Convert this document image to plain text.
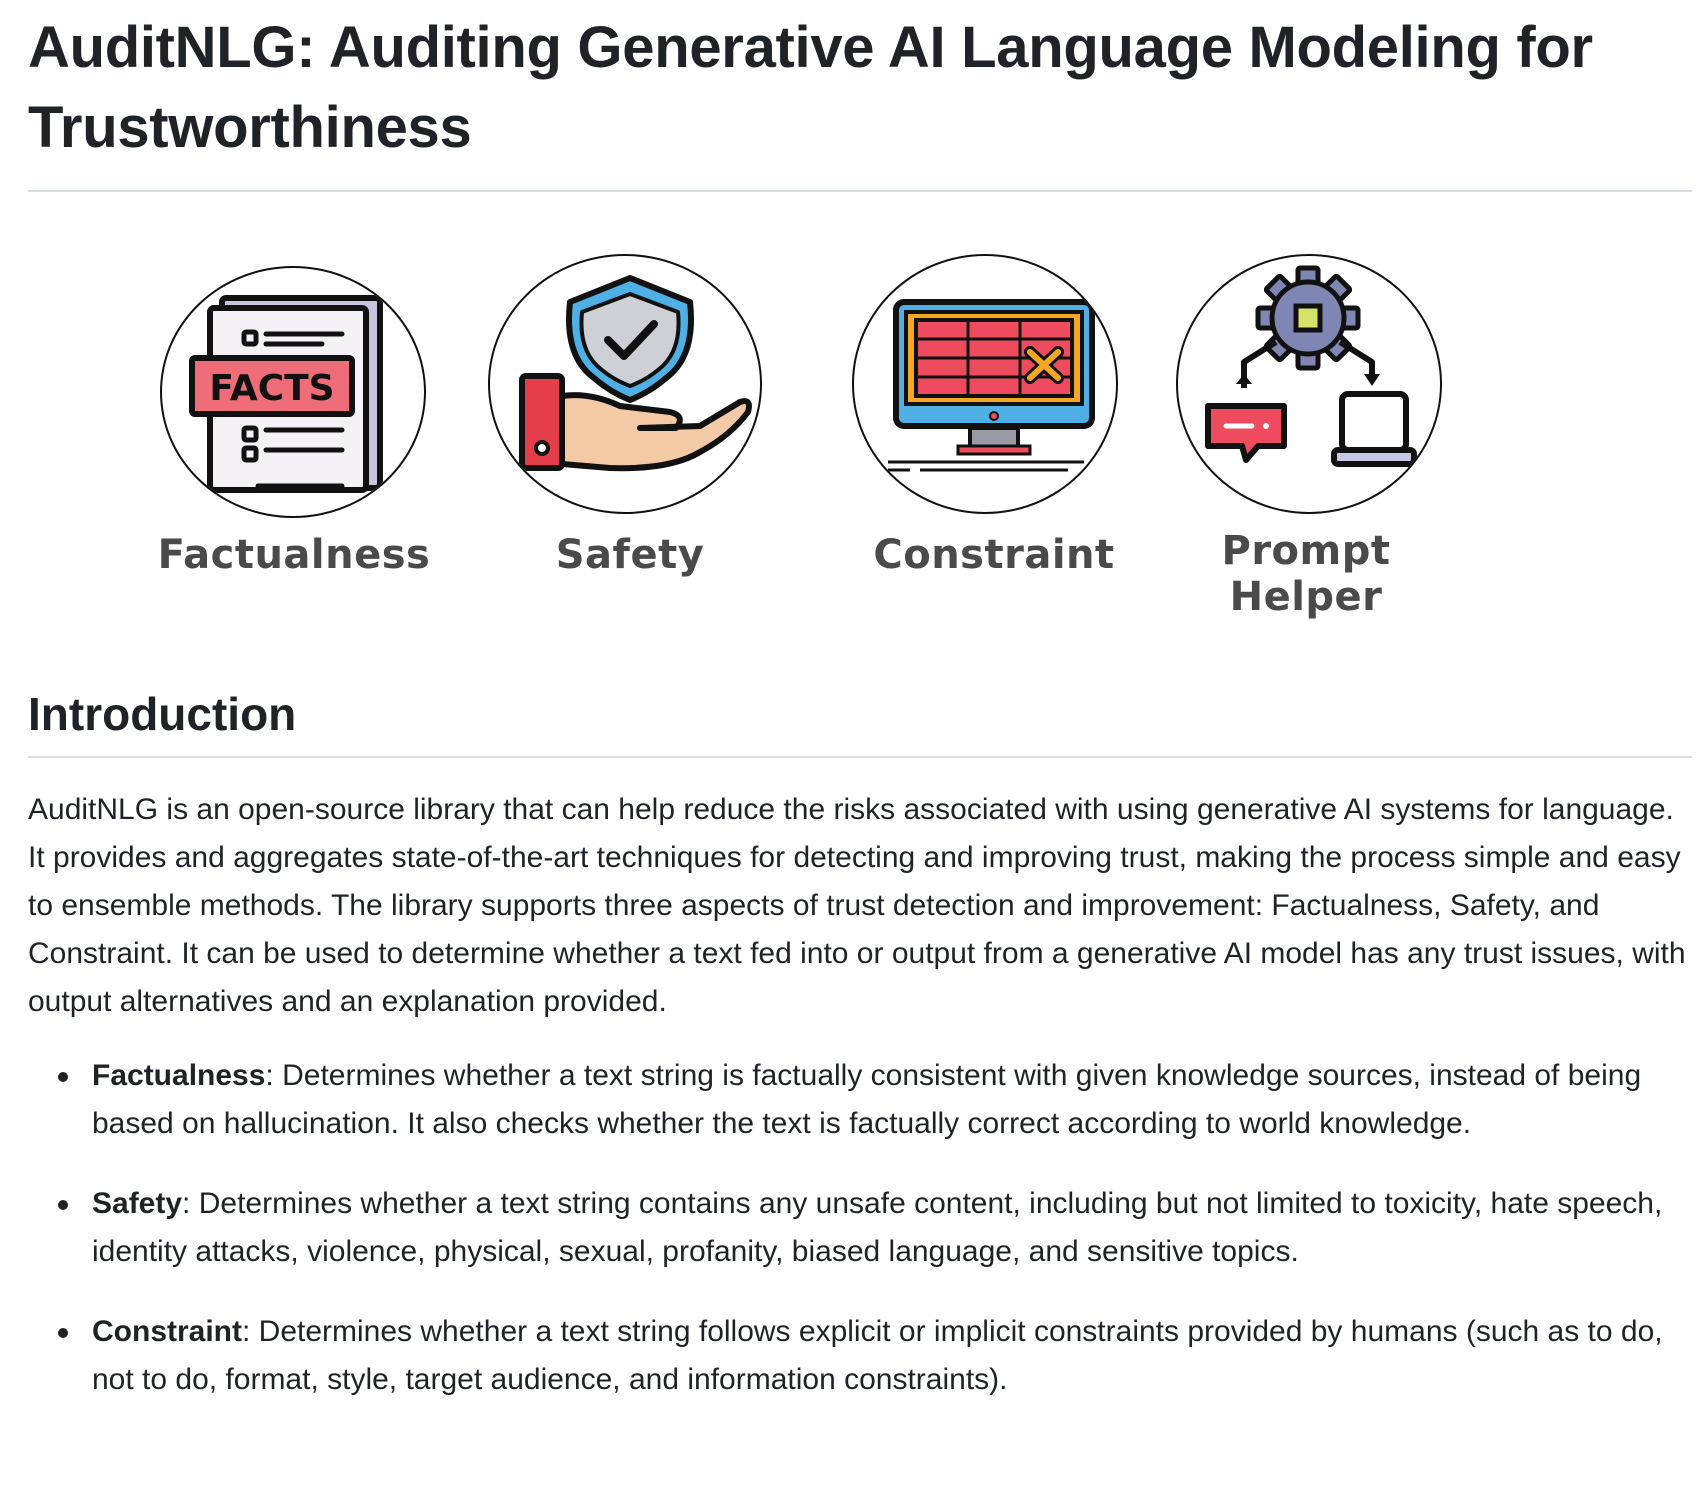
AuditNLG: Auditing Generative AI Language Modeling for Trustworthiness
FACTS
Factualness	Safety	Constraint	Prompt Helper
Introduction

AuditNLG is an open-source library that can help reduce the risks associated with using generative AI systems for language. It provides and aggregates state-of-the-art techniques for detecting and improving trust, making the process simple and easy to ensemble methods. The library supports three aspects of trust detection and improvement: Factualness, Safety, and Constraint. It can be used to determine whether a text fed into or output from a generative AI model has any trust issues, with output alternatives and an explanation provided.

Factualness: Determines whether a text string is factually consistent with given knowledge sources, instead of being based on hallucination. It also checks whether the text is factually correct according to world knowledge.
Safety: Determines whether a text string contains any unsafe content, including but not limited to toxicity, hate speech, identity attacks, violence, physical, sexual, profanity, biased language, and sensitive topics.
Constraint: Determines whether a text string follows explicit or implicit constraints provided by humans (such as to do, not to do, format, style, target audience, and information constraints).
